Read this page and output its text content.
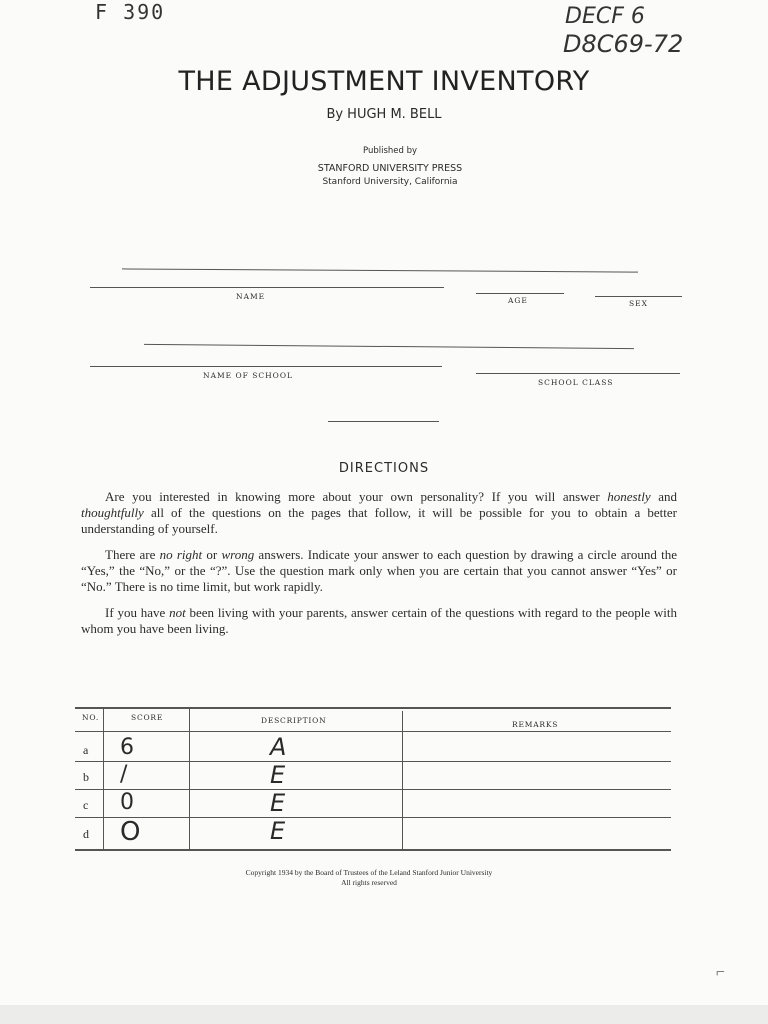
F 390	DECF 6
D8C69-72
THE ADJUSTMENT INVENTORY
By HUGH M. BELL
Published by
STANFORD UNIVERSITY PRESS
Stanford University, California
NAME	AGE	SEX
NAME OF SCHOOL
SCHOOL CLASS
DIRECTIONS
Are you interested in knowing more about your own personality? If you will answer honestly and thoughtfully all of the questions on the pages that follow, it will be possible for you to obtain a better understanding of yourself.
There are no right or wrong answers. Indicate your answer to each question by drawing a circle around the “Yes,” the “No,” or the “?”. Use the question mark only when you are certain that you cannot answer “Yes” or “No.” There is no time limit, but work rapidly.
If you have not been living with your parents, answer certain of the questions with regard to the people with whom you have been living.
NO.	SCORE	DESCRIPTION	REMARKS
a 6	A
b /	E
c 0	E
d O	E
Copyright 1934 by the Board of Trustees of the Leland Stanford Junior University
All rights reserved
⌐
